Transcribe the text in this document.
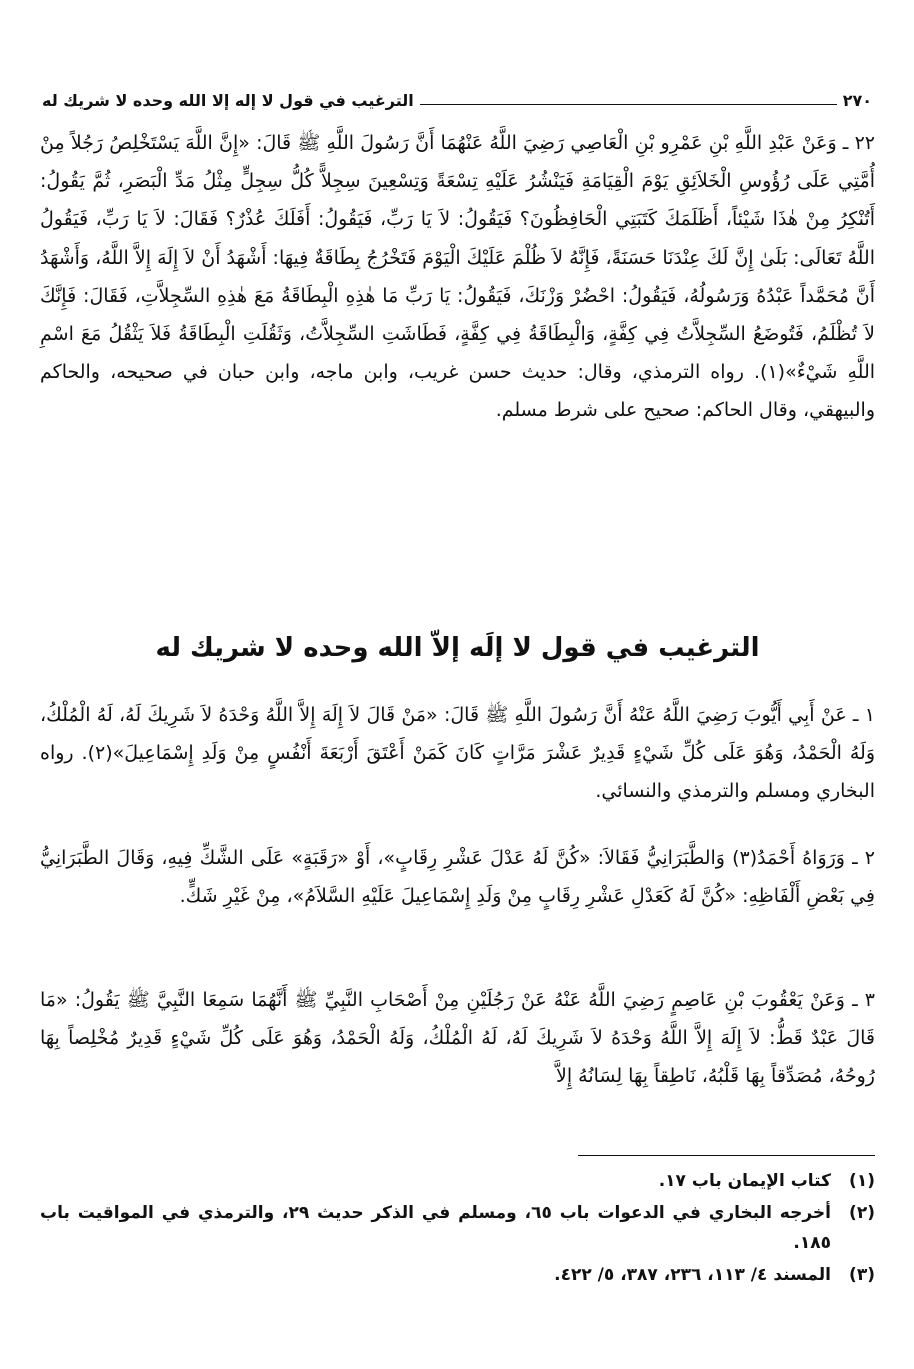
٢٧٠
الترغيب في قول لا إله إلا الله وحده لا شريك له

٢٢ ـ وَعَنْ عَبْدِ اللَّهِ بْنِ عَمْرِو بْنِ الْعَاصِي رَضِيَ اللَّهُ عَنْهُمَا أَنَّ رَسُولَ اللَّهِ ﷺ قَالَ: «إِنَّ اللَّهَ يَسْتَخْلِصُ رَجُلاً مِنْ أُمَّتِي عَلَى رُؤُوسِ الْخَلاَئِقِ يَوْمَ الْقِيَامَةِ فَيَنْشُرُ عَلَيْهِ تِسْعَةً وَتِسْعِينَ سِجِلاًّ كُلُّ سِجِلٍّ مِثْلُ مَدِّ الْبَصَرِ، ثُمَّ يَقُولُ: أَتُنْكِرُ مِنْ هٰذَا شَيْئاً، أَظَلَمَكَ كَتَبَتِي الْحَافِظُونَ؟ فَيَقُولُ: لاَ يَا رَبِّ، فَيَقُولُ: أَفَلَكَ عُذْرٌ؟ فَقَالَ: لاَ يَا رَبِّ، فَيَقُولُ اللَّهُ تَعَالَى: بَلَىٰ إِنَّ لَكَ عِنْدَنَا حَسَنَةً، فَإِنَّهُ لاَ ظُلْمَ عَلَيْكَ الْيَوْمَ فَتَخْرُجُ بِطَاقَةٌ فِيهَا: أَشْهَدُ أَنْ لاَ إِلَهَ إِلاَّ اللَّهُ، وَأَشْهَدُ أَنَّ مُحَمَّداً عَبْدُهُ وَرَسُولُهُ، فَيَقُولُ: احْضُرْ وَزْنَكَ، فَيَقُولُ: يَا رَبِّ مَا هٰذِهِ الْبِطَاقَةُ مَعَ هٰذِهِ السِّجِلاَّتِ، فَقَالَ: فَإِنَّكَ لاَ تُظْلَمُ، فَتُوضَعُ السِّجِلاَّتُ فِي كِفَّةٍ، وَالْبِطَاقَةُ فِي كِفَّةٍ، فَطَاشَتِ السِّجِلاَّتُ، وَثَقُلَتِ الْبِطَاقَةُ فَلاَ يَثْقُلُ مَعَ اسْمِ اللَّهِ شَيْءٌ»(١). رواه الترمذي، وقال: حديث حسن غريب، وابن ماجه، وابن حبان في صحيحه، والحاكم والبيهقي، وقال الحاكم: صحيح على شرط مسلم.

الترغيب في قول لا إلَه إلاّ الله وحده لا شريك له

١ ـ عَنْ أَبِي أَيُّوبَ رَضِيَ اللَّهُ عَنْهُ أَنَّ رَسُولَ اللَّهِ ﷺ قَالَ: «مَنْ قَالَ لاَ إِلَهَ إِلاَّ اللَّهُ وَحْدَهُ لاَ شَرِيكَ لَهُ، لَهُ الْمُلْكُ، وَلَهُ الْحَمْدُ، وَهُوَ عَلَى كُلِّ شَيْءٍ قَدِيرٌ عَشْرَ مَرَّاتٍ كَانَ كَمَنْ أَعْتَقَ أَرْبَعَةَ أَنْفُسٍ مِنْ وَلَدِ إِسْمَاعِيلَ»(٢). رواه البخاري ومسلم والترمذي والنسائي.

٢ ـ وَرَوَاهُ أَحْمَدُ(٣) وَالطَّبَرَانِيُّ فَقَالاَ: «كُنَّ لَهُ عَدْلَ عَشْرِ رِقَابٍ»، أَوْ «رَقَبَةٍ» عَلَى الشَّكِّ فِيهِ، وَقَالَ الطَّبَرَانِيُّ فِي بَعْضِ أَلْفَاظِهِ: «كُنَّ لَهُ كَعَدْلِ عَشْرِ رِقَابٍ مِنْ وَلَدِ إِسْمَاعِيلَ عَلَيْهِ السَّلاَمُ»، مِنْ غَيْرِ شَكٍّ.

٣ ـ وَعَنْ يَعْقُوبَ بْنِ عَاصِمٍ رَضِيَ اللَّهُ عَنْهُ عَنْ رَجُلَيْنِ مِنْ أَصْحَابِ النَّبِيِّ ﷺ أَنَّهُمَا سَمِعَا النَّبِيَّ ﷺ يَقُولُ: «مَا قَالَ عَبْدٌ قَطُّ: لاَ إِلَهَ إِلاَّ اللَّهُ وَحْدَهُ لاَ شَرِيكَ لَهُ، لَهُ الْمُلْكُ، وَلَهُ الْحَمْدُ، وَهُوَ عَلَى كُلِّ شَيْءٍ قَدِيرٌ مُخْلِصاً بِهَا رُوحُهُ، مُصَدِّقاً بِهَا قَلْبُهُ، نَاطِقاً بِهَا لِسَانُهُ إِلاَّ

(١)
كتاب الإيمان باب ١٧.
(٢)
أخرجه البخاري في الدعوات باب ٦٥، ومسلم في الذكر حديث ٢٩، والترمذي في المواقيت باب ١٨٥.
(٣)
المسند ٤/ ١١٣، ٢٣٦، ٣٨٧، ٥/ ٤٢٢.
